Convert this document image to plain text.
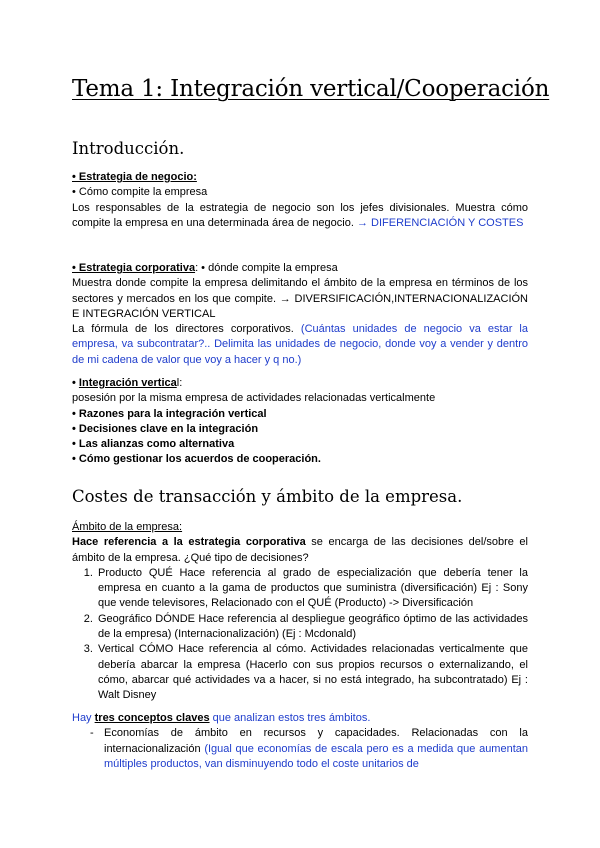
Tema 1: Integración vertical/Cooperación
Introducción.

• Estrategia de negocio:

• Cómo compite la empresa

Los responsables de la estrategia de negocio son los jefes divisionales. Muestra cómo compite la empresa en una determinada área de negocio. → DIFERENCIACIÓN Y COSTES

• Estrategia corporativa: • dónde compite la empresa

Muestra donde compite la empresa delimitando el ámbito de la empresa en términos de los sectores y mercados en los que compite. → DIVERSIFICACIÓN,INTERNACIONALIZACIÓN E INTEGRACIÓN VERTICAL

La fórmula de los directores corporativos. (Cuántas unidades de negocio va estar la empresa, va subcontratar?.. Delimita las unidades de negocio, donde voy a vender y dentro de mi cadena de valor que voy a hacer y q no.)

• Integración vertical:

posesión por la misma empresa de actividades relacionadas verticalmente

• Razones para la integración vertical

• Decisiones clave en la integración

• Las alianzas como alternativa

• Cómo gestionar los acuerdos de cooperación.

Costes de transacción y ámbito de la empresa.

Ámbito de la empresa:

Hace referencia a la estrategia corporativa se encarga de las decisiones del/sobre el ámbito de la empresa. ¿Qué tipo de decisiones?

1. Producto QUÉ Hace referencia al grado de especialización que debería tener la empresa en cuanto a la gama de productos que suministra (diversificación) Ej : Sony que vende televisores, Relacionado con el QUÉ (Producto) -> Diversificación
2. Geográfico DÓNDE Hace referencia al despliegue geográfico óptimo de las actividades de la empresa) (Internacionalización) (Ej : Mcdonald)
3. Vertical CÓMO Hace referencia al cómo. Actividades relacionadas verticalmente que debería abarcar la empresa (Hacerlo con sus propios recursos o externalizando, el cómo, abarcar qué actividades va a hacer, si no está integrado, ha subcontratado) Ej : Walt Disney

Hay tres conceptos claves que analizan estos tres ámbitos.

- Economías de ámbito en recursos y capacidades. Relacionadas con la internacionalización (Igual que economías de escala pero es a medida que aumentan múltiples productos, van disminuyendo todo el coste unitarios de
